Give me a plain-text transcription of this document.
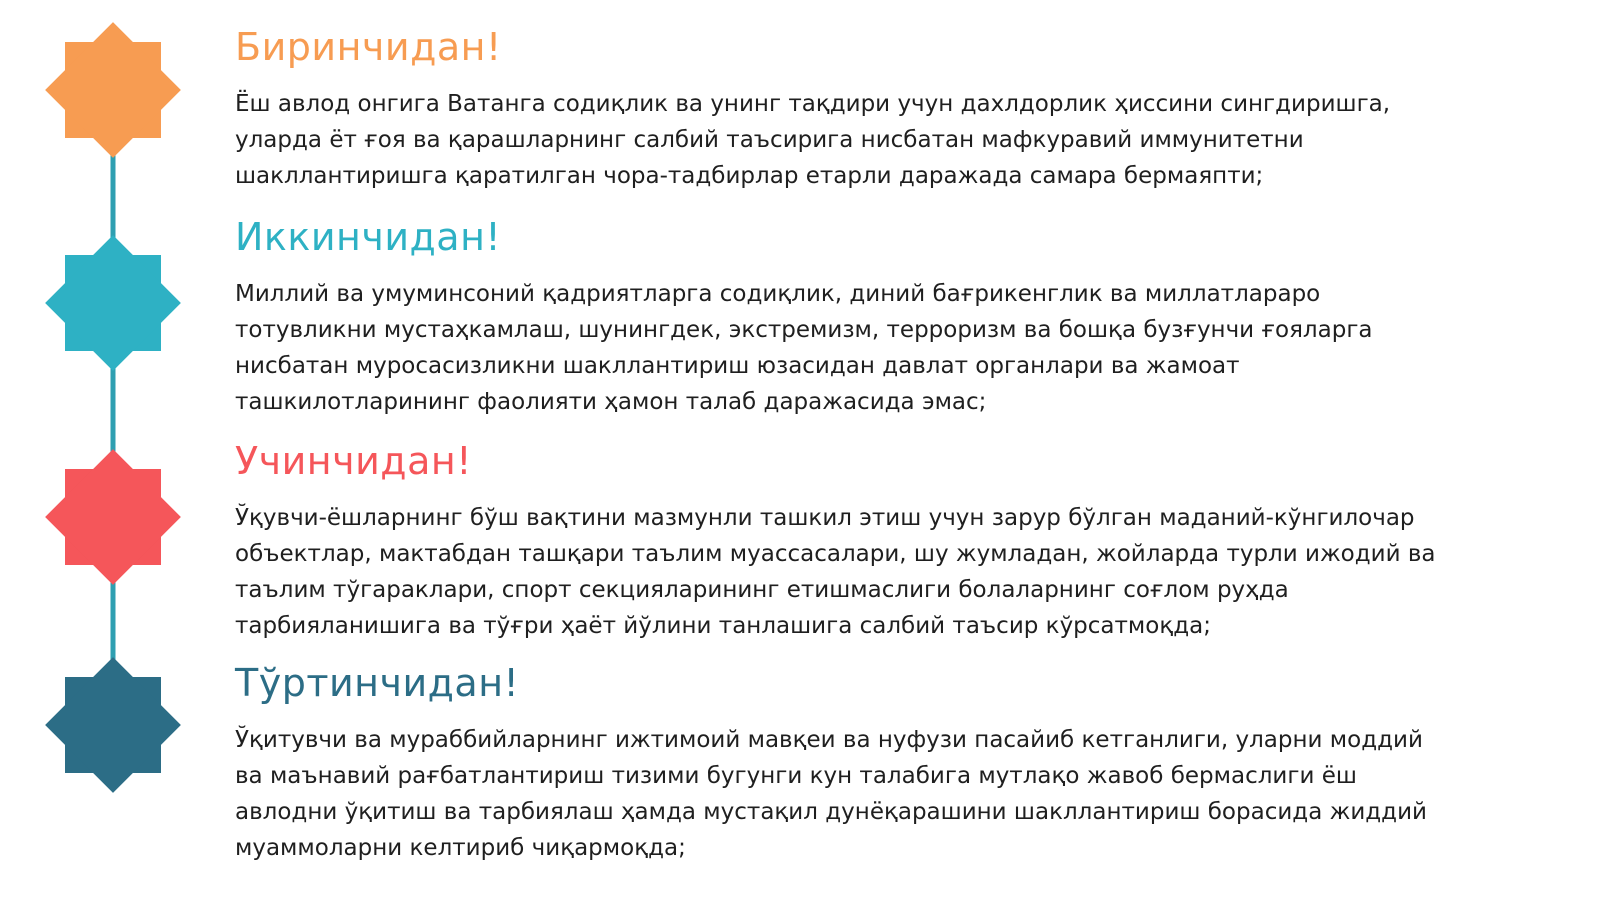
Биринчидан!

Ёш авлод онгига Ватанга содиқлик ва унинг тақдири учун дахлдорлик ҳиссини сингдиришга,
уларда ёт ғоя ва қарашларнинг салбий таъсирига нисбатан мафкуравий иммунитетни
шакллантиришга қаратилган чора-тадбирлар етарли даражада самара бермаяпти;

Иккинчидан!

Миллий ва умуминсоний қадриятларга содиқлик, диний бағрикенглик ва миллатлараро
тотувликни мустаҳкамлаш, шунингдек, экстремизм, терроризм ва бошқа бузғунчи ғояларга
нисбатан муросасизликни шакллантириш юзасидан давлат органлари ва жамоат
ташкилотларининг фаолияти ҳамон талаб даражасида эмас;

Учинчидан!

Ўқувчи-ёшларнинг бўш вақтини мазмунли ташкил этиш учун зарур бўлган маданий-кўнгилочар
объектлар, мактабдан ташқари таълим муассасалари, шу жумладан, жойларда турли ижодий ва
таълим тўгараклари, спорт секцияларининг етишмаслиги болаларнинг соғлом руҳда
тарбияланишига ва тўғри ҳаёт йўлини танлашига салбий таъсир кўрсатмоқда;

Тўртинчидан!

Ўқитувчи ва мураббийларнинг ижтимоий мавқеи ва нуфузи пасайиб кетганлиги, уларни моддий
ва маънавий рағбатлантириш тизими бугунги кун талабига мутлақо жавоб бермаслиги ёш
авлодни ўқитиш ва тарбиялаш ҳамда мустақил дунёқарашини шакллантириш борасида жиддий
муаммоларни келтириб чиқармоқда;
